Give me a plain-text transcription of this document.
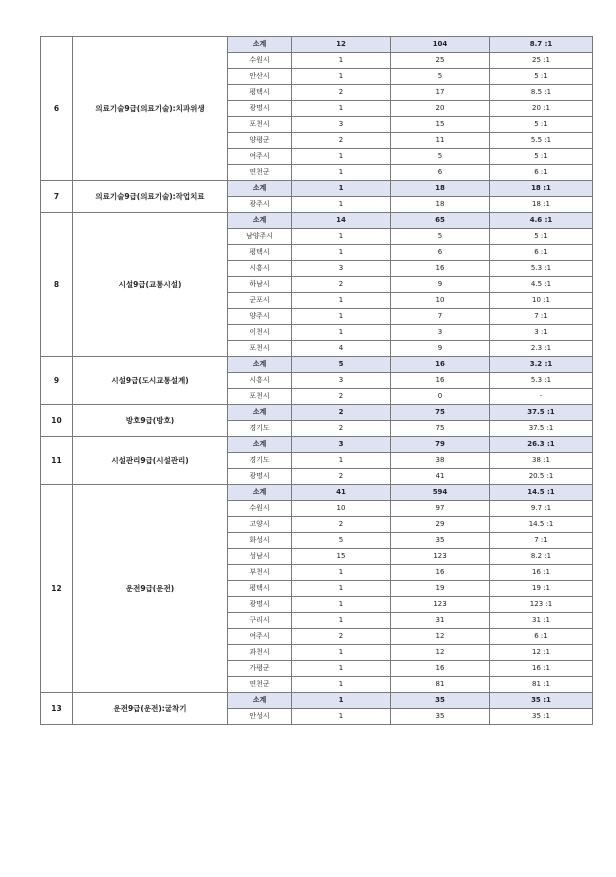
6	의료기술9급(의료기술):치과위생	소계	12	104	8.7 :1
		수원시	1	25	25 :1
		안산시	1	5	5 :1
		평택시	2	17	8.5 :1
		광명시	1	20	20 :1
		포천시	3	15	5 :1
		양평군	2	11	5.5 :1
		여주시	1	5	5 :1
		연천군	1	6	6 :1
7	의료기술9급(의료기술):작업치료	소계	1	18	18 :1
		광주시	1	18	18 :1
8	시설9급(교통시설)	소계	14	65	4.6 :1
		남양주시	1	5	5 :1
		평택시	1	6	6 :1
		시흥시	3	16	5.3 :1
		하남시	2	9	4.5 :1
		군포시	1	10	10 :1
		양주시	1	7	7 :1
		이천시	1	3	3 :1
		포천시	4	9	2.3 :1
9	시설9급(도시교통설계)	소계	5	16	3.2 :1
		시흥시	3	16	5.3 :1
		포천시	2	0	-
10	방호9급(방호)	소계	2	75	37.5 :1
		경기도	2	75	37.5 :1
11	시설관리9급(시설관리)	소계	3	79	26.3 :1
		경기도	1	38	38 :1
		광명시	2	41	20.5 :1
12	운전9급(운전)	소계	41	594	14.5 :1
		수원시	10	97	9.7 :1
		고양시	2	29	14.5 :1
		화성시	5	35	7 :1
		성남시	15	123	8.2 :1
		부천시	1	16	16 :1
		평택시	1	19	19 :1
		광명시	1	123	123 :1
		구리시	1	31	31 :1
		여주시	2	12	6 :1
		과천시	1	12	12 :1
		가평군	1	16	16 :1
		연천군	1	81	81 :1
13	운전9급(운전):굴착기	소계	1	35	35 :1
		안성시	1	35	35 :1
